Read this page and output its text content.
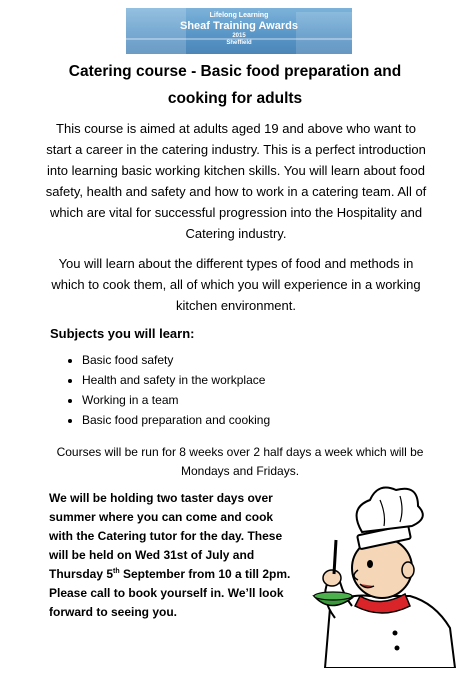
Lifelong Learning
Sheaf Training Awards
2015
Sheffield
Catering course - Basic food preparation and cooking for adults
This course is aimed at adults aged 19 and above who want to start a career in the catering industry. This is a perfect introduction into learning basic working kitchen skills. You will learn about food safety, health and safety and how to work in a catering team. All of which are vital for successful progression into the Hospitality and Catering industry.
You will learn about the different types of food and methods in which to cook them, all of which you will experience in a working kitchen environment.
Subjects you will learn:
• Basic food safety
• Health and safety in the workplace
• Working in a team
• Basic food preparation and cooking
Courses will be run for 8 weeks over 2 half days a week which will be Mondays and Fridays.
We will be holding two taster days over summer where you can come and cook with the Catering tutor for the day. These will be held on Wed 31st of July and Thursday 5th September from 10 a till 2pm. Please call to book yourself in. We’ll look forward to seeing you.
